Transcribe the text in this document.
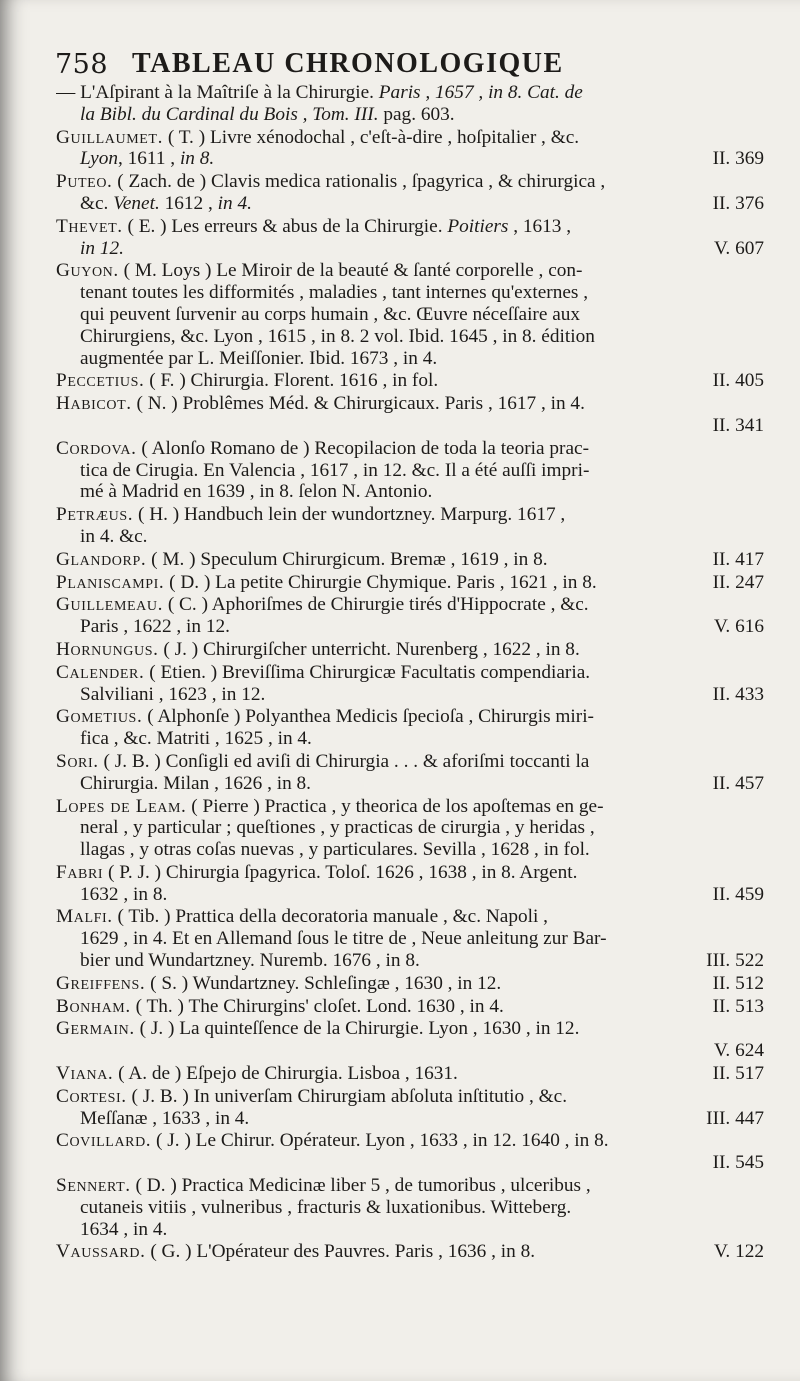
758 TABLEAU CHRONOLOGIQUE
— L'Aſpirant à la Maîtriſe à la Chirurgie. Paris , 1657 , in 8. Cat. de
la Bibl. du Cardinal du Bois , Tom. III. pag. 603.
Guillaumet. ( T. ) Livre xénodochal , c'eſt-à-dire , hoſpitalier , &c.
Lyon, 1611 , in 8.	II. 369
Puteo. ( Zach. de ) Clavis medica rationalis , ſpagyrica , & chirurgica ,
&c. Venet. 1612 , in 4.	II. 376
Thevet. ( E. ) Les erreurs & abus de la Chirurgie. Poitiers , 1613 ,
in 12.	V. 607
Guyon. ( M. Loys ) Le Miroir de la beauté & ſanté corporelle , con-
tenant toutes les difformités , maladies , tant internes qu'externes ,
qui peuvent ſurvenir au corps humain , &c. Œuvre néceſſaire aux
Chirurgiens, &c. Lyon , 1615 , in 8. 2 vol. Ibid. 1645 , in 8. édition
augmentée par L. Meiſſonier. Ibid. 1673 , in 4.
Peccetius. ( F. ) Chirurgia. Florent. 1616 , in fol.	II. 405
Habicot. ( N. ) Problêmes Méd. & Chirurgicaux. Paris , 1617 , in 4.
II. 341
Cordova. ( Alonſo Romano de ) Recopilacion de toda la teoria prac-
tica de Cirugia. En Valencia , 1617 , in 12. &c. Il a été auſſi impri-
mé à Madrid en 1639 , in 8. ſelon N. Antonio.
Petræus. ( H. ) Handbuch lein der wundortzney. Marpurg. 1617 ,
in 4. &c.
Glandorp. ( M. ) Speculum Chirurgicum. Bremæ , 1619 , in 8.	II. 417
Planiscampi. ( D. ) La petite Chirurgie Chymique. Paris , 1621 , in 8.	II. 247
Guillemeau. ( C. ) Aphoriſmes de Chirurgie tirés d'Hippocrate , &c.
Paris , 1622 , in 12.	V. 616
Hornungus. ( J. ) Chirurgiſcher unterricht. Nurenberg , 1622 , in 8.
Calender. ( Etien. ) Breviſſima Chirurgicæ Facultatis compendiaria.
Salviliani , 1623 , in 12.	II. 433
Gometius. ( Alphonſe ) Polyanthea Medicis ſpecioſa , Chirurgis miri-
fica , &c. Matriti , 1625 , in 4.
Sori. ( J. B. ) Conſigli ed aviſi di Chirurgia . . . & aforiſmi toccanti la
Chirurgia. Milan , 1626 , in 8.	II. 457
Lopes de Leam. ( Pierre ) Practica , y theorica de los apoſtemas en ge-
neral , y particular ; queſtiones , y practicas de cirurgia , y heridas ,
llagas , y otras coſas nuevas , y particulares. Sevilla , 1628 , in fol.
Fabri ( P. J. ) Chirurgia ſpagyrica. Toloſ. 1626 , 1638 , in 8. Argent.
1632 , in 8.	II. 459
Malfi. ( Tib. ) Prattica della decoratoria manuale , &c. Napoli ,
1629 , in 4. Et en Allemand ſous le titre de , Neue anleitung zur Bar-
bier und Wundartzney. Nuremb. 1676 , in 8.	III. 522
Greiffens. ( S. ) Wundartzney. Schleſingæ , 1630 , in 12.	II. 512
Bonham. ( Th. ) The Chirurgins' cloſet. Lond. 1630 , in 4.	II. 513
Germain. ( J. ) La quinteſſence de la Chirurgie. Lyon , 1630 , in 12.
V. 624
Viana. ( A. de ) Eſpejo de Chirurgia. Lisboa , 1631.	II. 517
Cortesi. ( J. B. ) In univerſam Chirurgiam abſoluta inſtitutio , &c.
Meſſanæ , 1633 , in 4.	III. 447
Covillard. ( J. ) Le Chirur. Opérateur. Lyon , 1633 , in 12. 1640 , in 8.
II. 545
Sennert. ( D. ) Practica Medicinæ liber 5 , de tumoribus , ulceribus ,
cutaneis vitiis , vulneribus , fracturis & luxationibus. Witteberg.
1634 , in 4.
Vaussard. ( G. ) L'Opérateur des Pauvres. Paris , 1636 , in 8.	V. 122
